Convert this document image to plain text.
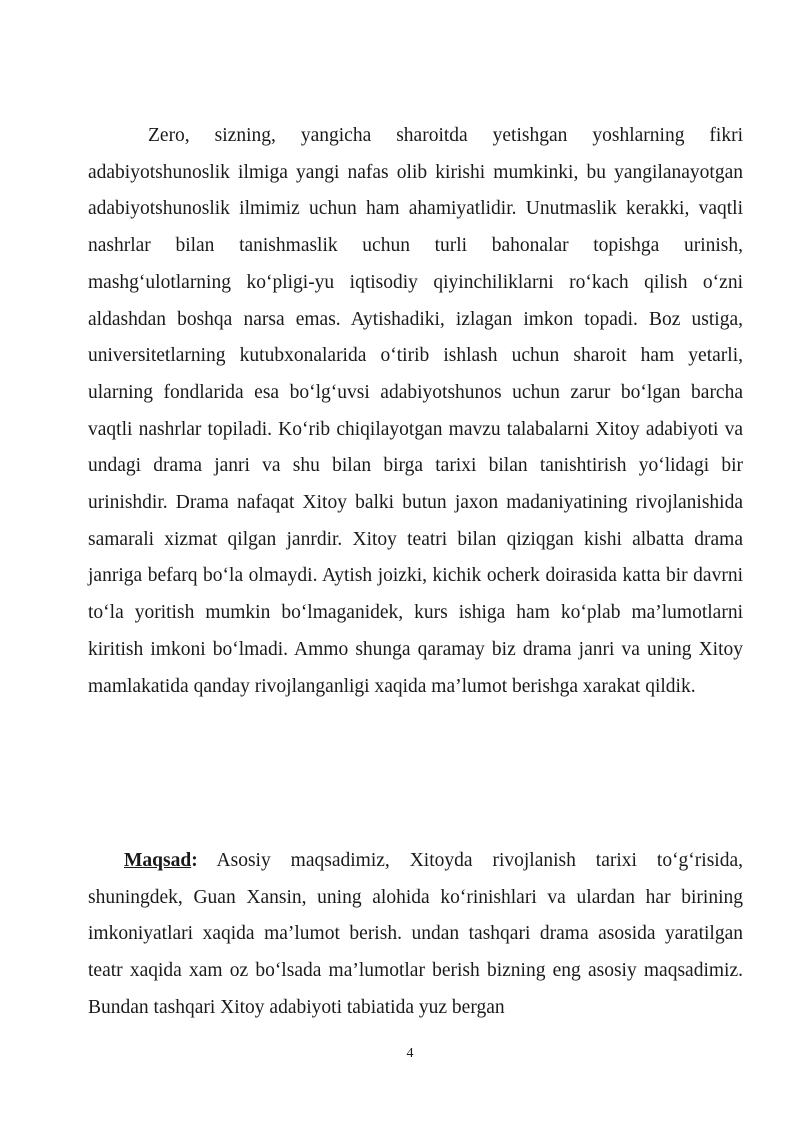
Zero, sizning, yangicha sharoitda yetishgan yoshlarning fikri adabiyotshunoslik ilmiga yangi nafas olib kirishi mumkinki, bu yangilanayotgan adabiyotshunoslik ilmimiz uchun ham ahamiyatlidir. Unutmaslik kerakki, vaqtli nashrlar bilan tanishmaslik uchun turli bahonalar topishga urinish, mashg‘ulotlarning ko‘pligi-yu iqtisodiy qiyinchiliklarni ro‘kach qilish o‘zni aldashdan boshqa narsa emas. Aytishadiki, izlagan imkon topadi. Boz ustiga, universitetlarning kutubxonalarida o‘tirib ishlash uchun sharoit ham yetarli, ularning fondlarida esa bo‘lg‘uvsi adabiyotshunos uchun zarur bo‘lgan barcha vaqtli nashrlar topiladi. Ko‘rib chiqilayotgan mavzu talabalarni Xitoy adabiyoti va undagi drama janri va shu bilan birga tarixi bilan tanishtirish yo‘lidagi bir urinishdir. Drama nafaqat Xitoy balki butun jaxon madaniyatining rivojlanishida samarali xizmat qilgan janrdir. Xitoy teatri bilan qiziqgan kishi albatta drama janriga befarq bo‘la olmaydi. Aytish joizki, kichik ocherk doirasida katta bir davrni to‘la yoritish mumkin bo‘lmaganidek, kurs ishiga ham ko‘plab ma’lumotlarni kiritish imkoni bo‘lmadi. Ammo shunga qaramay biz drama janri va uning Xitoy mamlakatida qanday rivojlanganligi xaqida ma’lumot berishga xarakat qildik.

Maqsad: Asosiy maqsadimiz, Xitoyda rivojlanish tarixi to‘g‘risida, shuningdek, Guan Xansin, uning alohida ko‘rinishlari va ulardan har birining imkoniyatlari xaqida ma’lumot berish. undan tashqari drama asosida yaratilgan teatr xaqida xam oz bo‘lsada ma’lumotlar berish bizning eng asosiy maqsadimiz. Bundan tashqari Xitoy adabiyoti tabiatida yuz bergan

4
